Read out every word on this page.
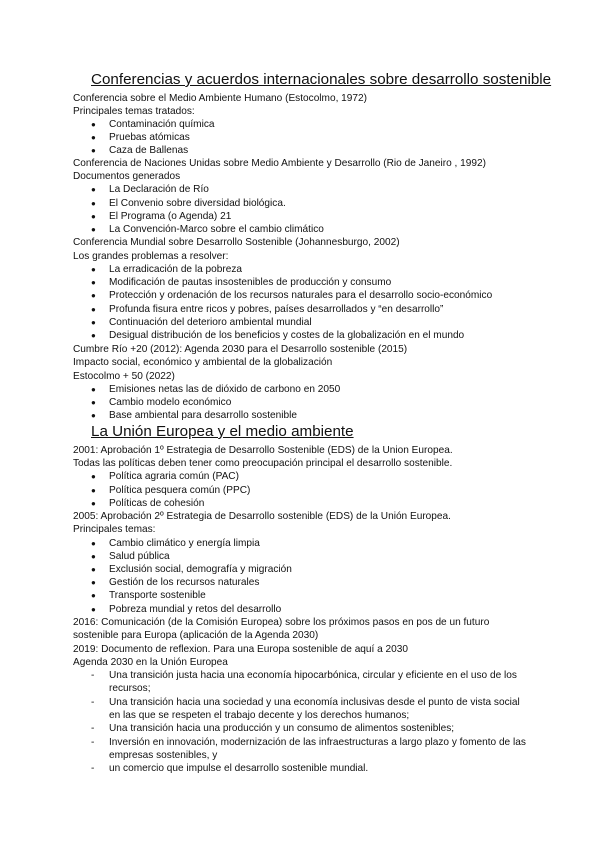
Conferencias y acuerdos internacionales sobre desarrollo sostenible
Conferencia sobre el Medio Ambiente Humano (Estocolmo, 1972)
Principales temas tratados:
● Contaminación química
● Pruebas atómicas
● Caza de Ballenas
Conferencia de Naciones Unidas sobre Medio Ambiente y Desarrollo (Rio de Janeiro , 1992)
Documentos generados
● La Declaración de Río
● El Convenio sobre diversidad biológica.
● El Programa (o Agenda) 21
● La Convención-Marco sobre el cambio climático
Conferencia Mundial sobre Desarrollo Sostenible (Johannesburgo, 2002)
Los grandes problemas a resolver:
● La erradicación de la pobreza
● Modificación de pautas insostenibles de producción y consumo
● Protección y ordenación de los recursos naturales para el desarrollo socio-económico
● Profunda fisura entre ricos y pobres, países desarrollados y “en desarrollo”
● Continuación del deterioro ambiental mundial
● Desigual distribución de los beneficios y costes de la globalización en el mundo
Cumbre Río +20 (2012): Agenda 2030 para el Desarrollo sostenible (2015)
Impacto social, económico y ambiental de la globalización
Estocolmo + 50 (2022)
● Emisiones netas las de dióxido de carbono en 2050
● Cambio modelo económico
● Base ambiental para desarrollo sostenible
La Unión Europea y el medio ambiente
2001: Aprobación 1º Estrategia de Desarrollo Sostenible (EDS) de la Union Europea.
Todas las políticas deben tener como preocupación principal el desarrollo sostenible.
● Política agraria común (PAC)
● Política pesquera común (PPC)
● Políticas de cohesión
2005: Aprobación 2º Estrategia de Desarrollo sostenible (EDS) de la Unión Europea.
Principales temas:
● Cambio climático y energía limpia
● Salud pública
● Exclusión social, demografía y migración
● Gestión de los recursos naturales
● Transporte sostenible
● Pobreza mundial y retos del desarrollo
2016: Comunicación (de la Comisión Europea) sobre los próximos pasos en pos de un futuro
sostenible para Europa (aplicación de la Agenda 2030)
2019: Documento de reflexion. Para una Europa sostenible de aquí a 2030
Agenda 2030 en la Unión Europea
- Una transición justa hacia una economía hipocarbónica, circular y eficiente en el uso de los
recursos;
- Una transición hacia una sociedad y una economía inclusivas desde el punto de vista social
en las que se respeten el trabajo decente y los derechos humanos;
- Una transición hacia una producción y un consumo de alimentos sostenibles;
- Inversión en innovación, modernización de las infraestructuras a largo plazo y fomento de las
empresas sostenibles, y
- un comercio que impulse el desarrollo sostenible mundial.
